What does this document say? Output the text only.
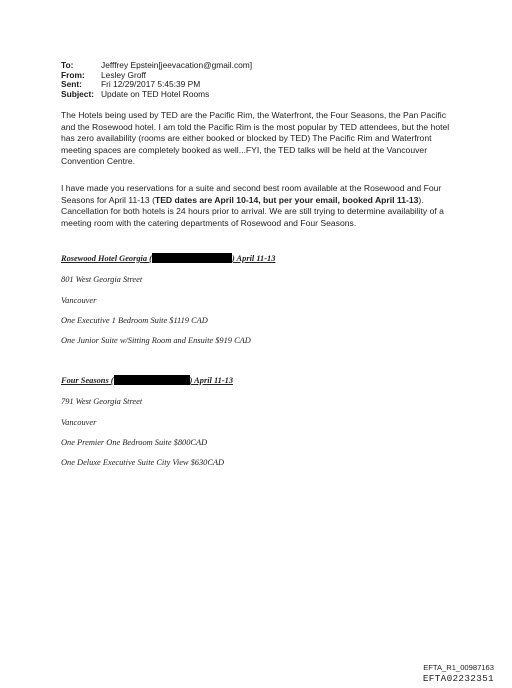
To:	Jefffrey Epstein[jeevacation@gmail.com]
From:	Lesley Groff
Sent:	Fri 12/29/2017 5:45:39 PM
Subject: Update on TED Hotel Rooms
The Hotels being used by TED are the Pacific Rim, the Waterfront, the Four Seasons, the Pan Pacific and the Rosewood hotel. I am told the Pacific Rim is the most popular by TED attendees, but the hotel has zero availability (rooms are either booked or blocked by TED) The Pacific Rim and Waterfront meeting spaces are completely booked as well...FYI, the TED talks will be held at the Vancouver Convention Centre.
I have made you reservations for a suite and second best room available at the Rosewood and Four Seasons for April 11-13 (TED dates are April 10-14, but per your email, booked April 11-13). Cancellation for both hotels is 24 hours prior to arrival. We are still trying to determine availability of a meeting room with the catering departments of Rosewood and Four Seasons.
Rosewood Hotel Georgia (	) April 11-13
801 West Georgia Street
Vancouver
One Executive 1 Bedroom Suite $1119 CAD
One Junior Suite w/Sitting Room and Ensuite $919 CAD
Four Seasons (	) April 11-13
791 West Georgia Street
Vancouver
One Premier One Bedroom Suite $800CAD
One Deluxe Executive Suite City View $630CAD
EFTA_R1_00987163
EFTA02232351
